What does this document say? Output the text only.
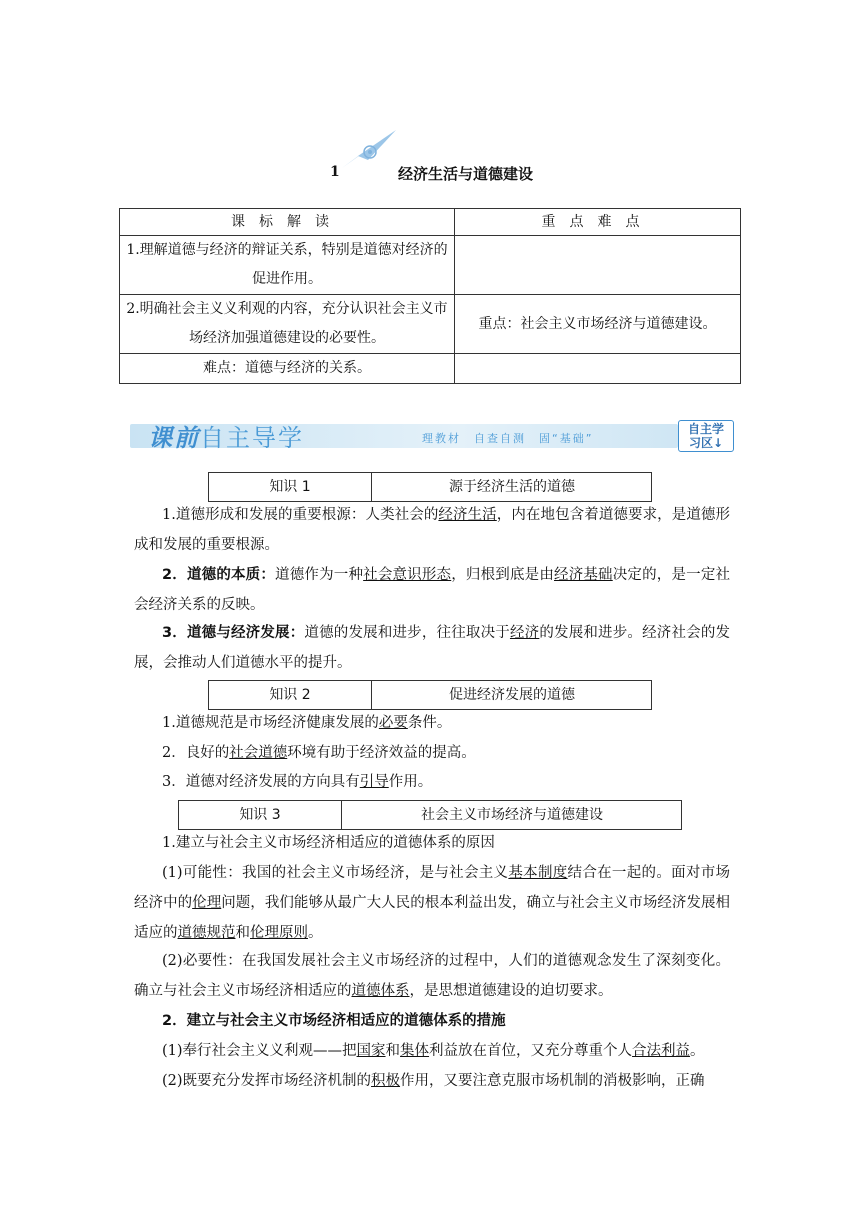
1	经济生活与道德建设
课标解读	重点难点
1.理解道德与经济的辩证关系，特别是道德对经济的促进作用。	
2.明确社会主义义利观的内容，充分认识社会主义市场经济加强道德建设的必要性。	重点：社会主义市场经济与道德建设。
难点：道德与经济的关系。	
课前自主导学	理教材　自查自测　固“基础”
自主学
习区↓
知识 1	源于经济生活的道德
1.道德形成和发展的重要根源：人类社会的经济生活，内在地包含着道德要求，是道德形成和发展的重要根源。
2．道德的本质：道德作为一种社会意识形态，归根到底是由经济基础决定的，是一定社会经济关系的反映。
3．道德与经济发展：道德的发展和进步，往往取决于经济的发展和进步。经济社会的发展，会推动人们道德水平的提升。
知识 2	促进经济发展的道德
1.道德规范是市场经济健康发展的必要条件。
2．良好的社会道德环境有助于经济效益的提高。
3．道德对经济发展的方向具有引导作用。
知识 3	社会主义市场经济与道德建设
1.建立与社会主义市场经济相适应的道德体系的原因
(1)可能性：我国的社会主义市场经济，是与社会主义基本制度结合在一起的。面对市场经济中的伦理问题，我们能够从最广大人民的根本利益出发，确立与社会主义市场经济发展相适应的道德规范和伦理原则。
(2)必要性：在我国发展社会主义市场经济的过程中，人们的道德观念发生了深刻变化。确立与社会主义市场经济相适应的道德体系，是思想道德建设的迫切要求。
2．建立与社会主义市场经济相适应的道德体系的措施
(1)奉行社会主义义利观——把国家和集体利益放在首位，又充分尊重个人合法利益。
(2)既要充分发挥市场经济机制的积极作用，又要注意克服市场机制的消极影响，正确
